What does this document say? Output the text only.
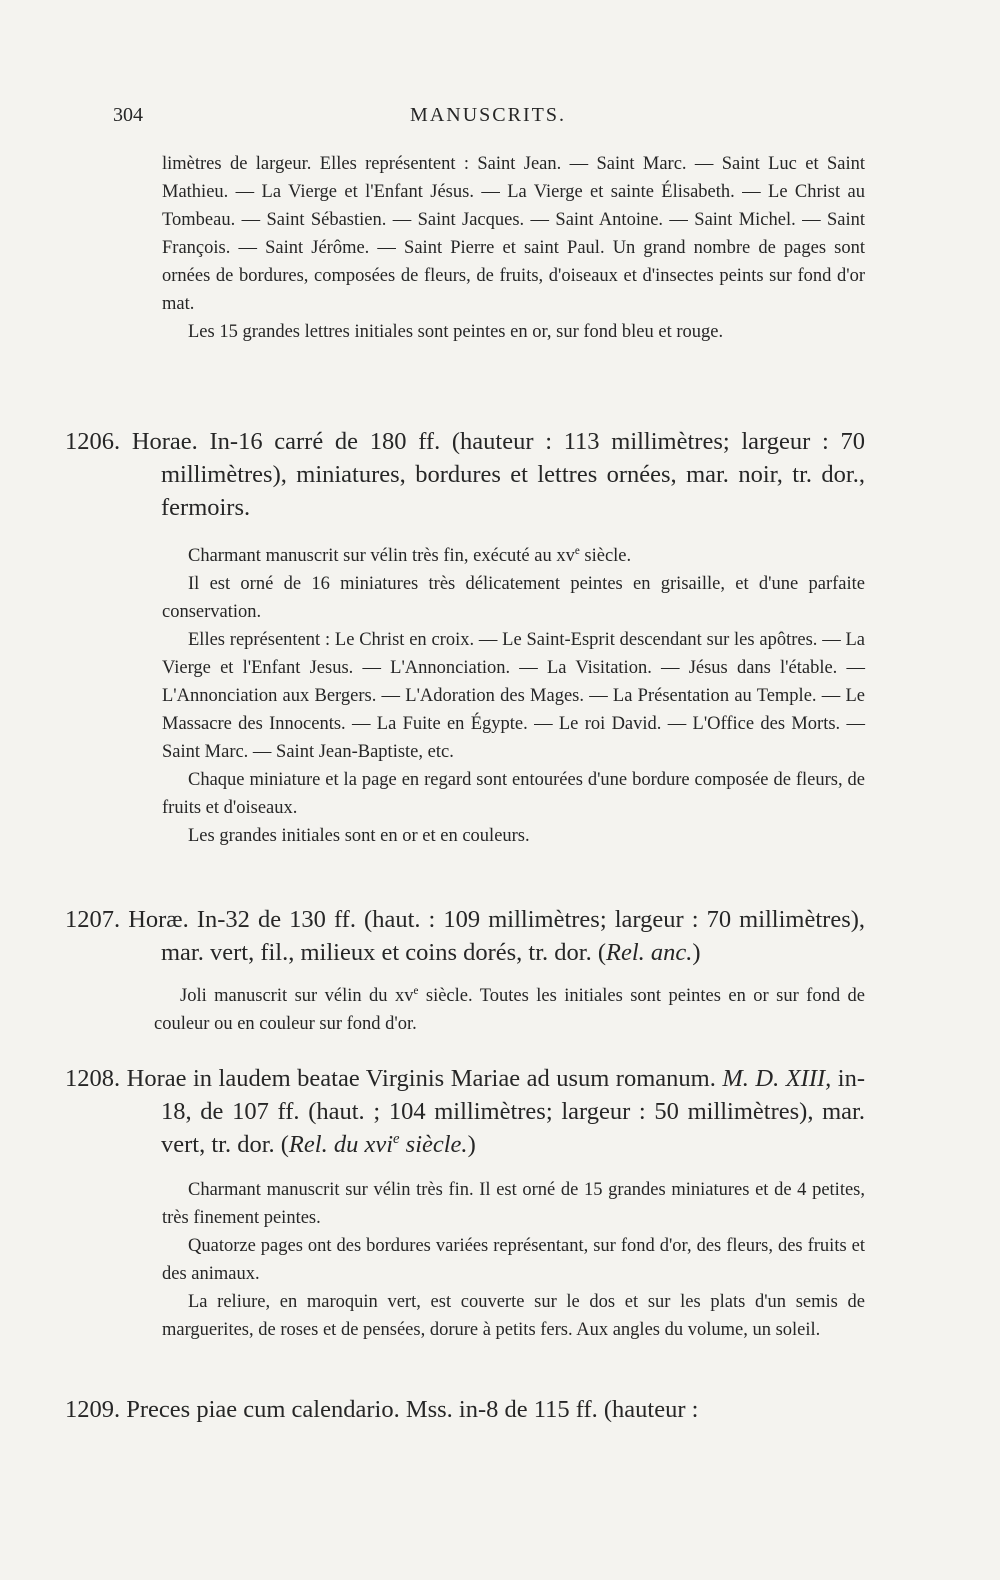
304	MANUSCRITS.

limètres de largeur. Elles représentent : Saint Jean. — Saint Marc. — Saint Luc et Saint Mathieu. — La Vierge et l'Enfant Jésus. — La Vierge et sainte Élisabeth. — Le Christ au Tombeau. — Saint Sébastien. — Saint Jacques. — Saint Antoine. — Saint Michel. — Saint François. — Saint Jérôme. — Saint Pierre et saint Paul. Un grand nombre de pages sont ornées de bordures, composées de fleurs, de fruits, d'oiseaux et d'insectes peints sur fond d'or mat.

Les 15 grandes lettres initiales sont peintes en or, sur fond bleu et rouge.

1206. Horae. In-16 carré de 180 ff. (hauteur : 113 millimètres; largeur : 70 millimètres), miniatures, bordures et lettres ornées, mar. noir, tr. dor., fermoirs.

Charmant manuscrit sur vélin très fin, exécuté au $xv^e$ siècle.

Il est orné de 16 miniatures très délicatement peintes en grisaille, et d'une parfaite conservation.

Elles représentent : Le Christ en croix. — Le Saint-Esprit descendant sur les apôtres. — La Vierge et l'Enfant Jesus. — L'Annonciation. — La Visitation. — Jésus dans l'étable. — L'Annonciation aux Bergers. — L'Adoration des Mages. — La Présentation au Temple. — Le Massacre des Innocents. — La Fuite en Égypte. — Le roi David. — L'Office des Morts. — Saint Marc. — Saint Jean-Baptiste, etc.

Chaque miniature et la page en regard sont entourées d'une bordure composée de fleurs, de fruits et d'oiseaux.

Les grandes initiales sont en or et en couleurs.

1207. Horæ. In-32 de 130 ff. (haut. : 109 millimètres; largeur : 70 millimètres), mar. vert, fil., milieux et coins dorés, tr. dor. (Rel. anc.)

Joli manuscrit sur vélin du $xv^e$ siècle. Toutes les initiales sont peintes en or sur fond de couleur ou en couleur sur fond d'or.

1208. Horae in laudem beatae Virginis Mariae ad usum romanum. M. D. XIII, in-18, de 107 ff. (haut. ; 104 millimètres; largeur : 50 millimètres), mar. vert, tr. dor. (Rel. du xvi$^e$ siècle.)

Charmant manuscrit sur vélin très fin. Il est orné de 15 grandes miniatures et de 4 petites, très finement peintes.

Quatorze pages ont des bordures variées représentant, sur fond d'or, des fleurs, des fruits et des animaux.

La reliure, en maroquin vert, est couverte sur le dos et sur les plats d'un semis de marguerites, de roses et de pensées, dorure à petits fers. Aux angles du volume, un soleil.

1209. Preces piae cum calendario. Mss. in-8 de 115 ff. (hauteur :
